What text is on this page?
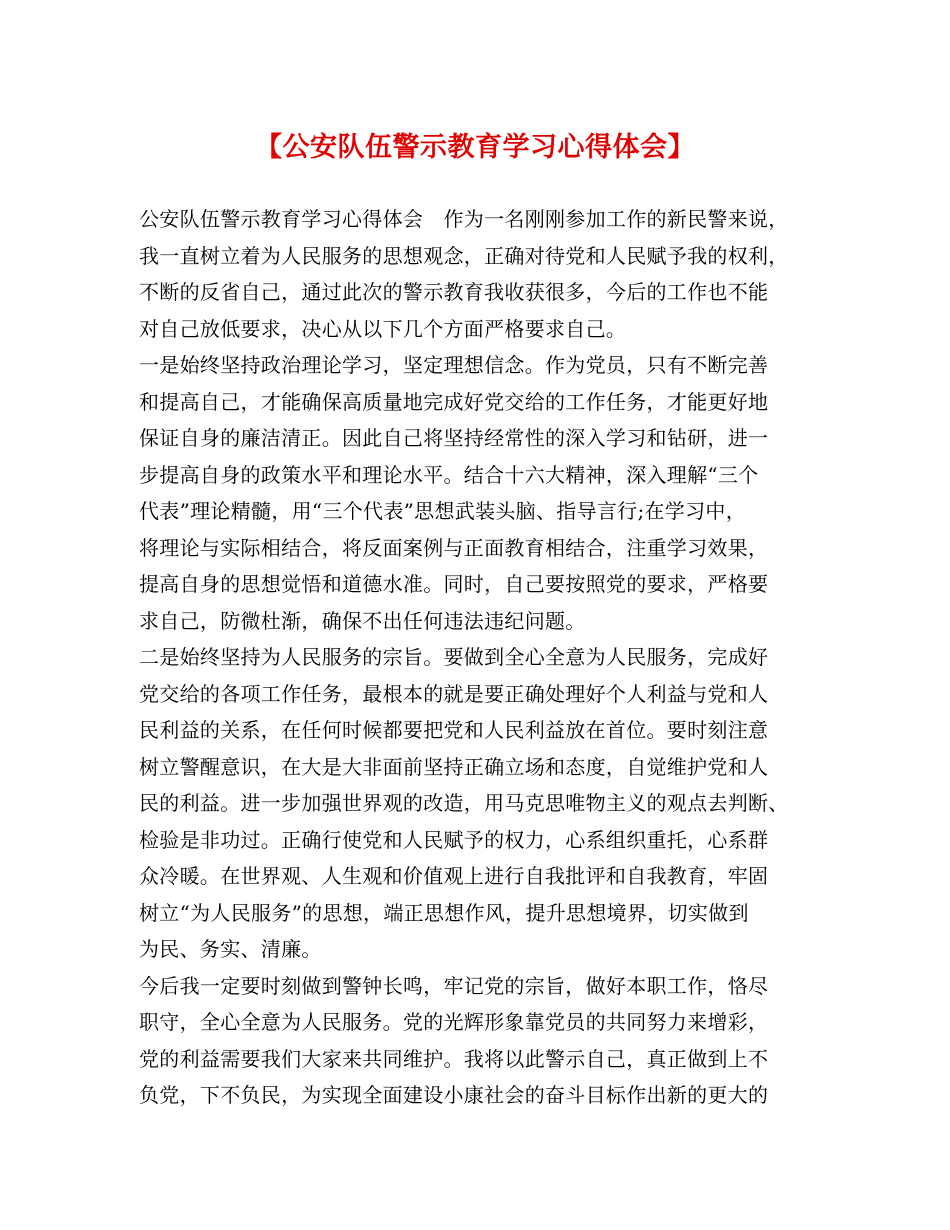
【公安队伍警示教育学习心得体会】
公安队伍警示教育学习心得体会　作为一名刚刚参加工作的新民警来说，
我一直树立着为人民服务的思想观念，正确对待党和人民赋予我的权利，
不断的反省自己，通过此次的警示教育我收获很多，今后的工作也不能
对自己放低要求，决心从以下几个方面严格要求自己。
一是始终坚持政治理论学习，坚定理想信念。作为党员，只有不断完善
和提高自己，才能确保高质量地完成好党交给的工作任务，才能更好地
保证自身的廉洁清正。因此自己将坚持经常性的深入学习和钻研，进一
步提高自身的政策水平和理论水平。结合十六大精神，深入理解“三个
代表”理论精髓，用“三个代表”思想武装头脑、指导言行;在学习中，
将理论与实际相结合，将反面案例与正面教育相结合，注重学习效果，
提高自身的思想觉悟和道德水准。同时，自己要按照党的要求，严格要
求自己，防微杜渐，确保不出任何违法违纪问题。
二是始终坚持为人民服务的宗旨。要做到全心全意为人民服务，完成好
党交给的各项工作任务，最根本的就是要正确处理好个人利益与党和人
民利益的关系，在任何时候都要把党和人民利益放在首位。要时刻注意
树立警醒意识，在大是大非面前坚持正确立场和态度，自觉维护党和人
民的利益。进一步加强世界观的改造，用马克思唯物主义的观点去判断、
检验是非功过。正确行使党和人民赋予的权力，心系组织重托，心系群
众冷暖。在世界观、人生观和价值观上进行自我批评和自我教育，牢固
树立“为人民服务”的思想，端正思想作风，提升思想境界，切实做到
为民、务实、清廉。
今后我一定要时刻做到警钟长鸣，牢记党的宗旨，做好本职工作，恪尽
职守，全心全意为人民服务。党的光辉形象靠党员的共同努力来增彩，
党的利益需要我们大家来共同维护。我将以此警示自己，真正做到上不
负党，下不负民，为实现全面建设小康社会的奋斗目标作出新的更大的
